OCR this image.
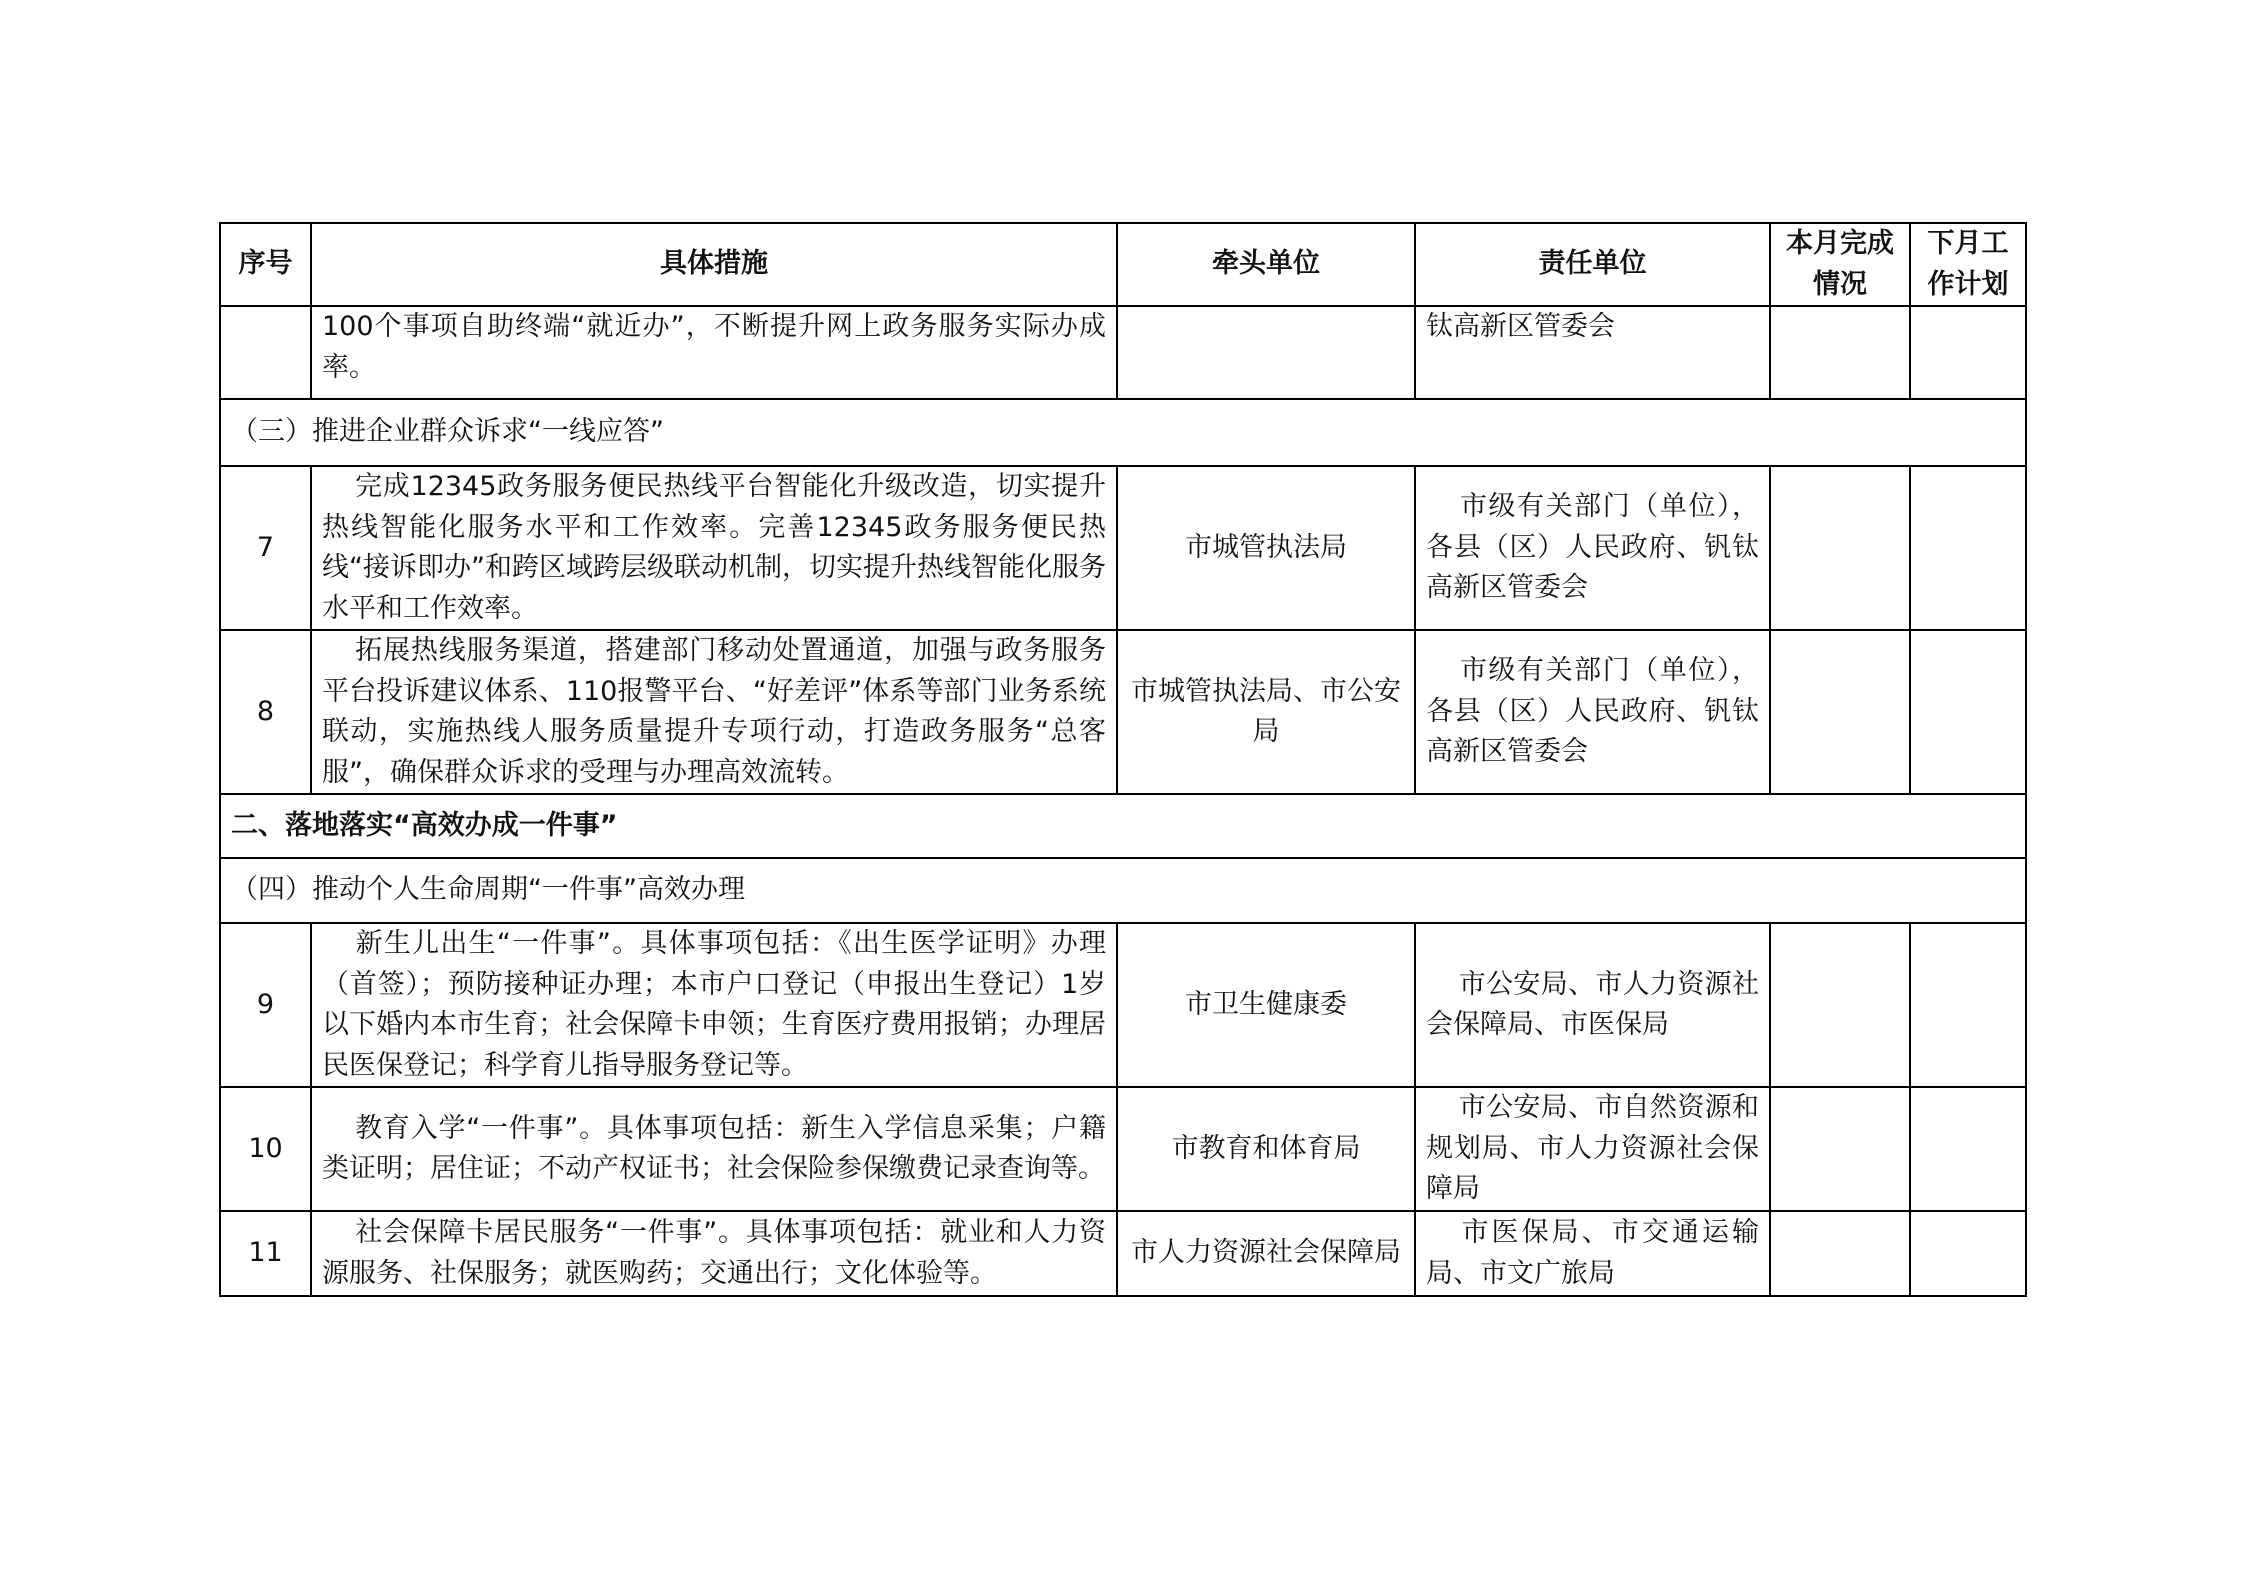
序号	具体措施	牵头单位	责任单位	本月完成情况	下月工作计划
	100个事项自助终端“就近办”，不断提升网上政务服务实际办成率。		钛高新区管委会		
（三）推进企业群众诉求“一线应答”					
7	完成12345政务服务便民热线平台智能化升级改造，切实提升热线智能化服务水平和工作效率。完善12345政务服务便民热线“接诉即办”和跨区域跨层级联动机制，切实提升热线智能化服务水平和工作效率。	市城管执法局	市级有关部门（单位），各县（区）人民政府、钒钛高新区管委会		
8	拓展热线服务渠道，搭建部门移动处置通道，加强与政务服务平台投诉建议体系、110报警平台、“好差评”体系等部门业务系统联动，实施热线人服务质量提升专项行动，打造政务服务“总客服”，确保群众诉求的受理与办理高效流转。	市城管执法局、市公安局	市级有关部门（单位），各县（区）人民政府、钒钛高新区管委会		
二、落地落实“高效办成一件事”					
（四）推动个人生命周期“一件事”高效办理					
9	新生儿出生“一件事”。具体事项包括：《出生医学证明》办理（首签）；预防接种证办理；本市户口登记（申报出生登记）1岁以下婚内本市生育；社会保障卡申领；生育医疗费用报销；办理居民医保登记；科学育儿指导服务登记等。	市卫生健康委	市公安局、市人力资源社会保障局、市医保局		
10	教育入学“一件事”。具体事项包括：新生入学信息采集；户籍类证明；居住证；不动产权证书；社会保险参保缴费记录查询等。	市教育和体育局	市公安局、市自然资源和规划局、市人力资源社会保障局		
11	社会保障卡居民服务“一件事”。具体事项包括：就业和人力资源服务、社保服务；就医购药；交通出行；文化体验等。	市人力资源社会保障局	市医保局、市交通运输局、市文广旅局		
